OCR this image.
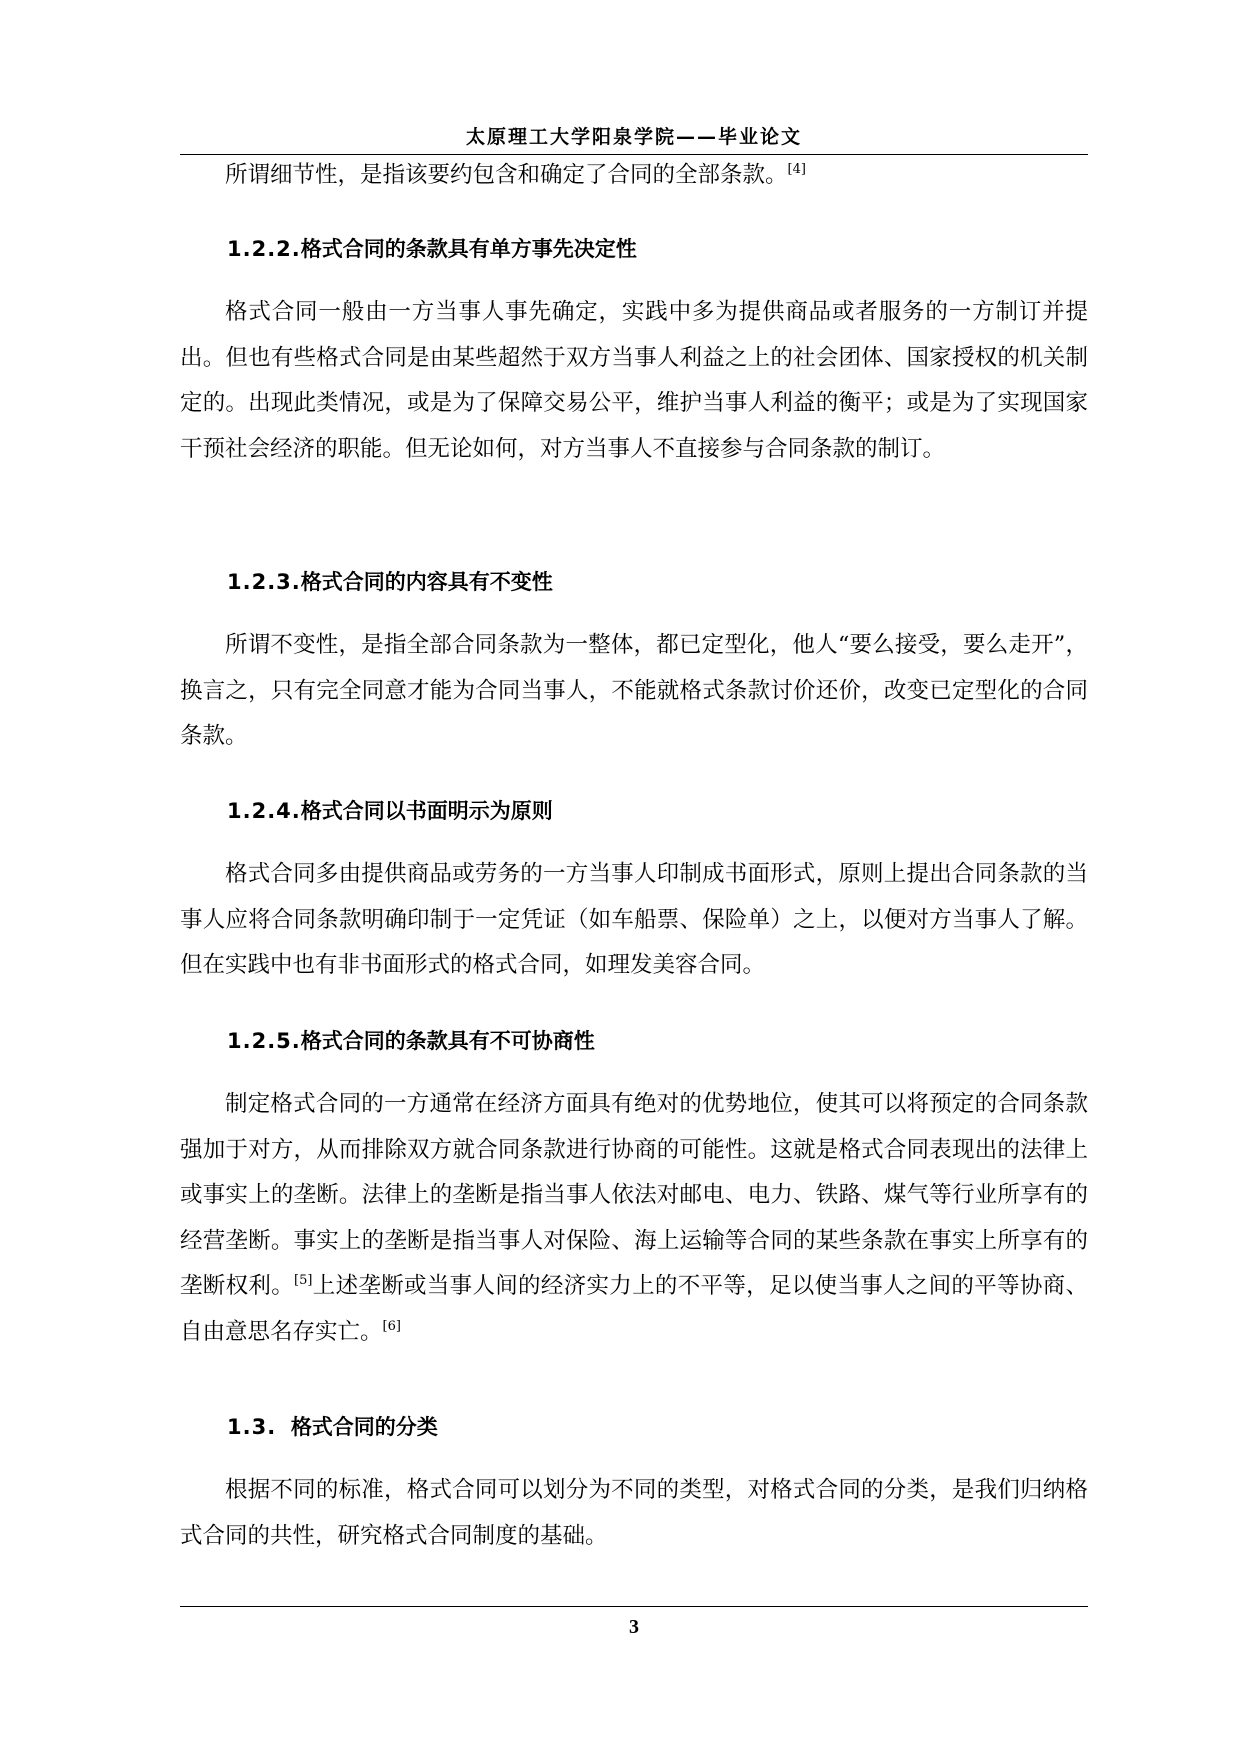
太原理工大学阳泉学院——毕业论文

所谓细节性，是指该要约包含和确定了合同的全部条款。[4]

1.2.2.格式合同的条款具有单方事先决定性

格式合同一般由一方当事人事先确定，实践中多为提供商品或者服务的一方制订并提出。但也有些格式合同是由某些超然于双方当事人利益之上的社会团体、国家授权的机关制定的。出现此类情况，或是为了保障交易公平，维护当事人利益的衡平；或是为了实现国家干预社会经济的职能。但无论如何，对方当事人不直接参与合同条款的制订。

1.2.3.格式合同的内容具有不变性

所谓不变性，是指全部合同条款为一整体，都已定型化，他人“要么接受，要么走开”，换言之，只有完全同意才能为合同当事人，不能就格式条款讨价还价，改变已定型化的合同条款。

1.2.4.格式合同以书面明示为原则

格式合同多由提供商品或劳务的一方当事人印制成书面形式，原则上提出合同条款的当事人应将合同条款明确印制于一定凭证（如车船票、保险单）之上，以便对方当事人了解。但在实践中也有非书面形式的格式合同，如理发美容合同。

1.2.5.格式合同的条款具有不可协商性

制定格式合同的一方通常在经济方面具有绝对的优势地位，使其可以将预定的合同条款强加于对方，从而排除双方就合同条款进行协商的可能性。这就是格式合同表现出的法律上或事实上的垄断。法律上的垄断是指当事人依法对邮电、电力、铁路、煤气等行业所享有的经营垄断。事实上的垄断是指当事人对保险、海上运输等合同的某些条款在事实上所享有的垄断权利。[5]上述垄断或当事人间的经济实力上的不平等，足以使当事人之间的平等协商、自由意思名存实亡。[6]

1.3. 格式合同的分类

根据不同的标准，格式合同可以划分为不同的类型，对格式合同的分类，是我们归纳格式合同的共性，研究格式合同制度的基础。

3
